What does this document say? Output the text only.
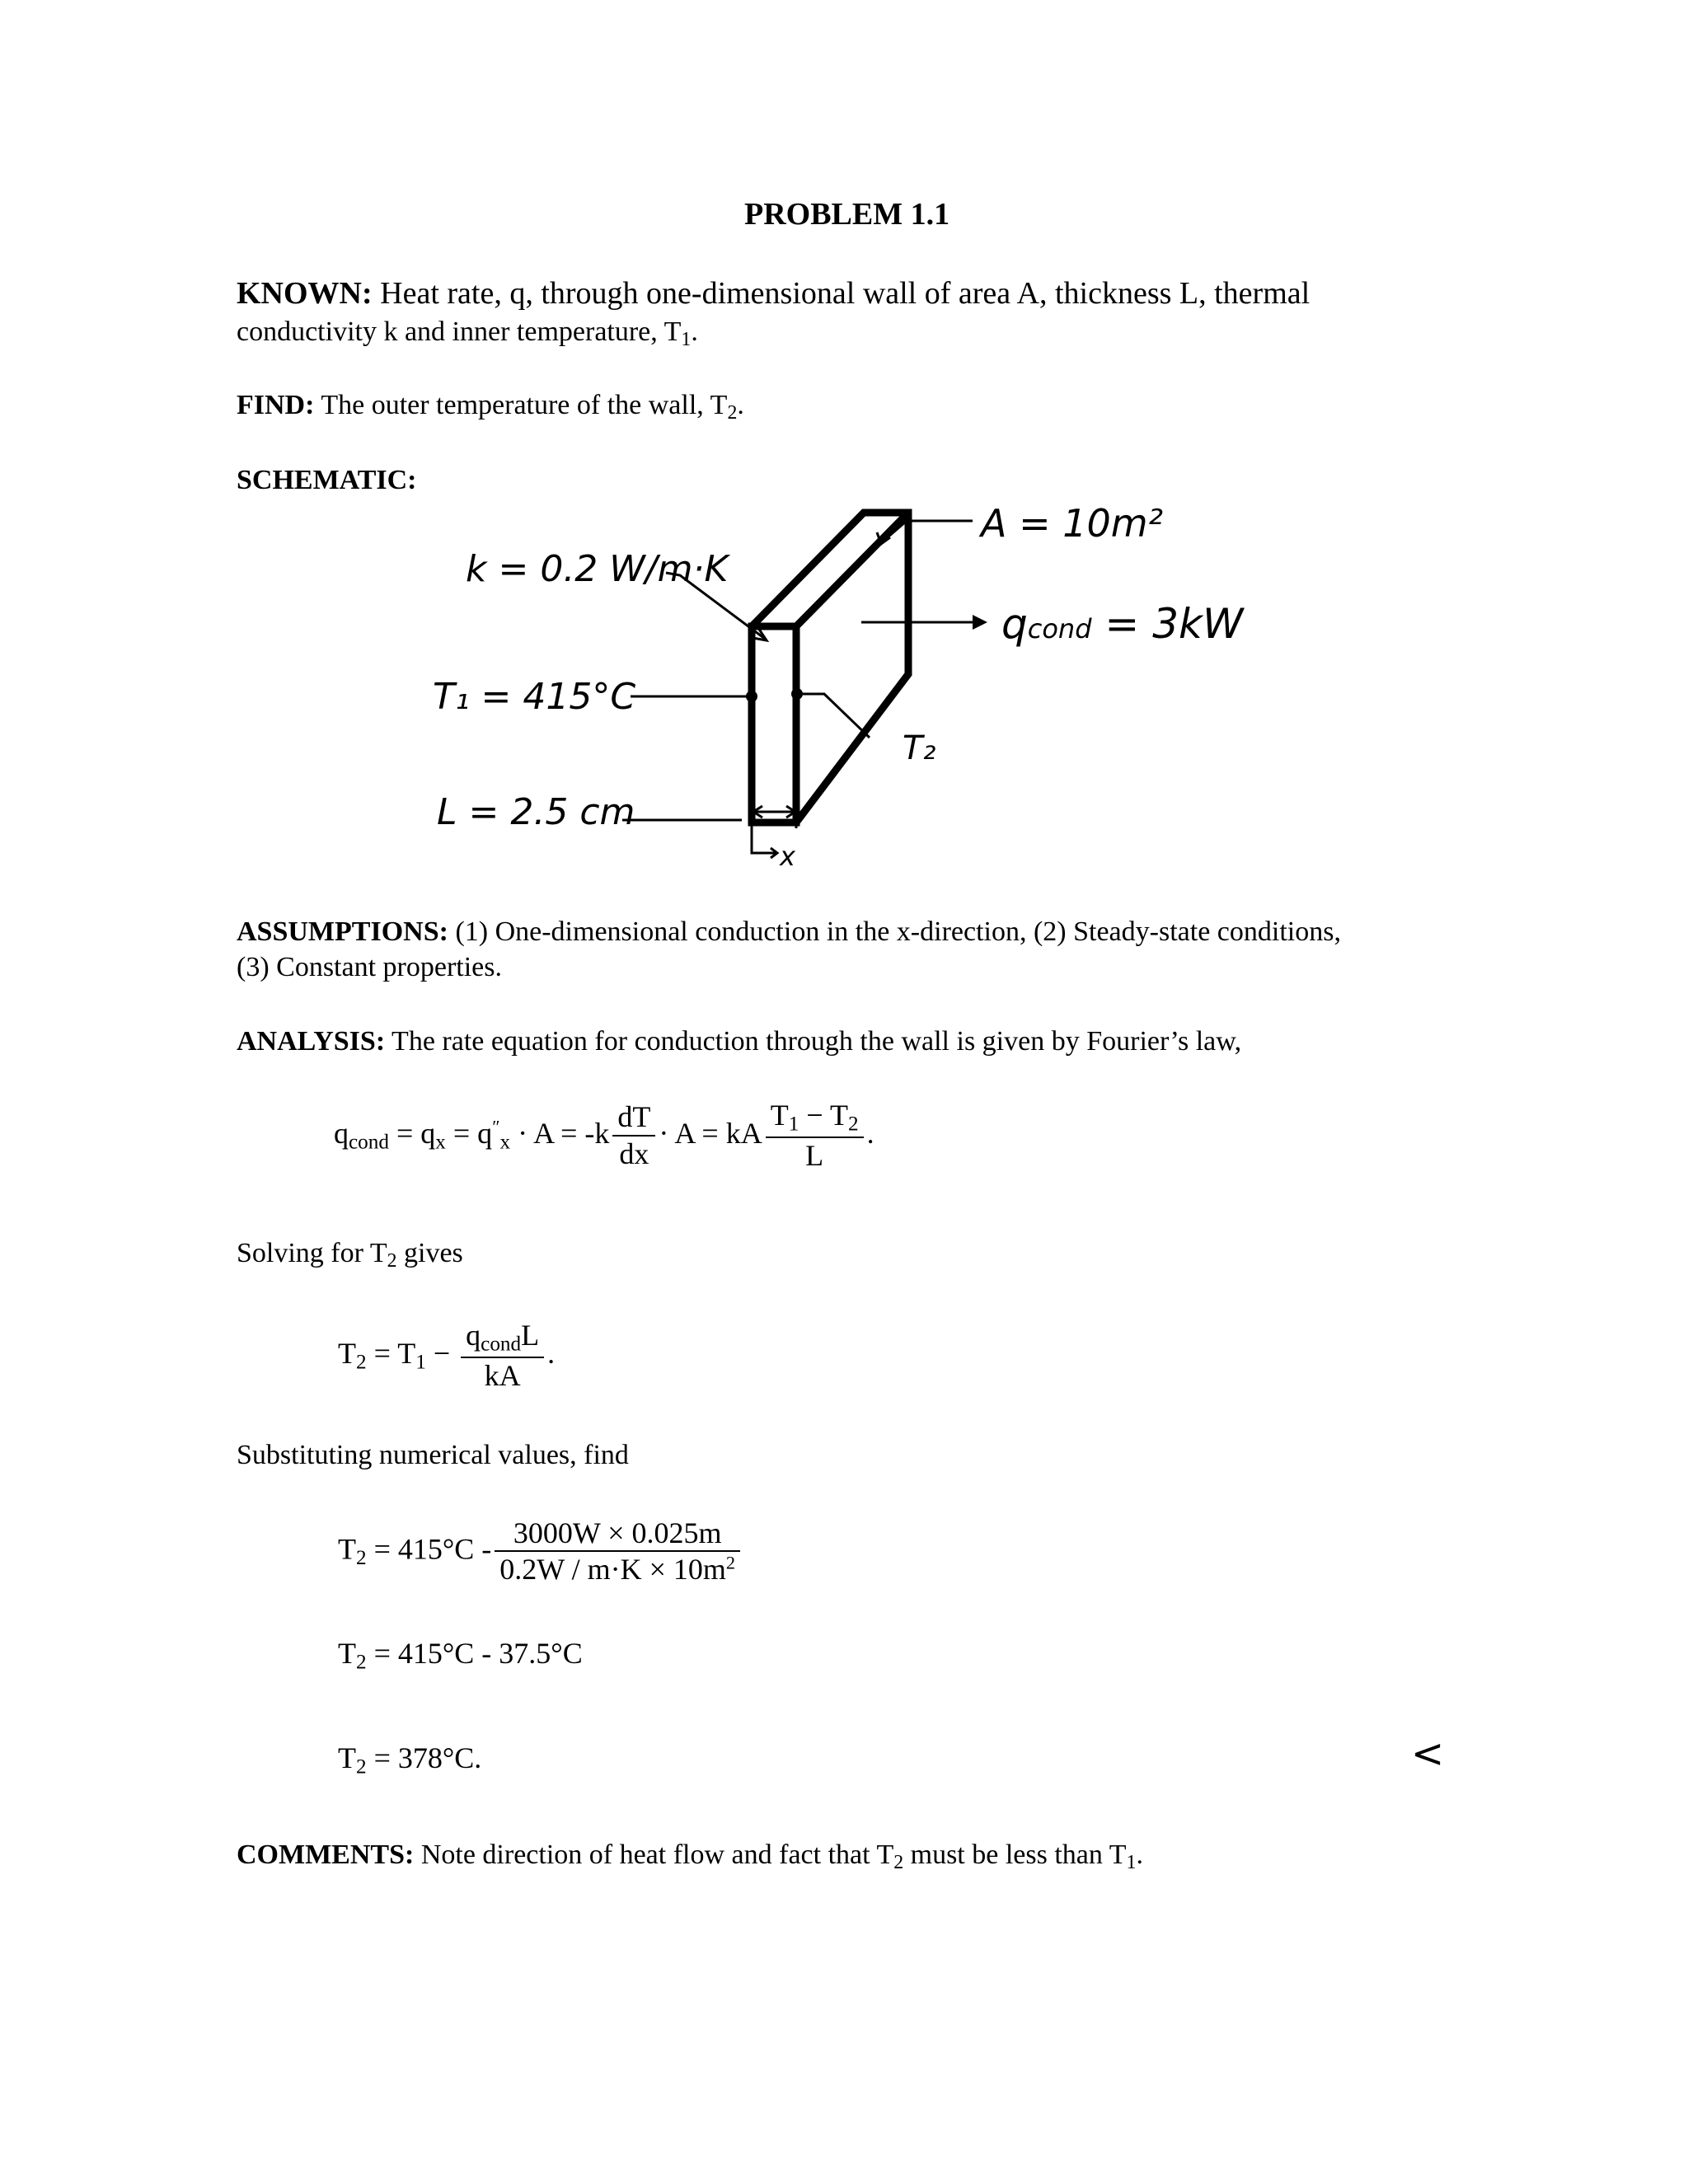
PROBLEM 1.1
KNOWN: Heat rate, q, through one-dimensional wall of area A, thickness L, thermal
conductivity k and inner temperature, $T_1$.
FIND: The outer temperature of the wall, $T_2$.
SCHEMATIC:
k = 0.2 W/m·K
T₁ = 415°C
L = 2.5 cm
A = 10m²
qcond = 3kW
T₂
x
ASSUMPTIONS: (1) One-dimensional conduction in the x-direction, (2) Steady-state conditions,
(3) Constant properties.
ANALYSIS: The rate equation for conduction through the wall is given by Fourier’s law,
$q_{cond} = q_x = q''_x \cdot A = -k \frac{dT}{dx} \cdot A$ = kA $\frac{T_1 - T_2}{L}$ .
Solving for $T_2$ gives
$T_2 = T_1 - \frac{q_{cond}L}{kA}$ .
Substituting numerical values, find
$T_2 = 415^\circ C - \frac{3000W \times 0.025m}{0.2W / m\cdot K \times 10m^2}$
$T_2 = 415^\circ C - 37.5^\circ C$
$T_2 = 378^\circ C$.	<
COMMENTS: Note direction of heat flow and fact that $T_2$ must be less than $T_1$.
